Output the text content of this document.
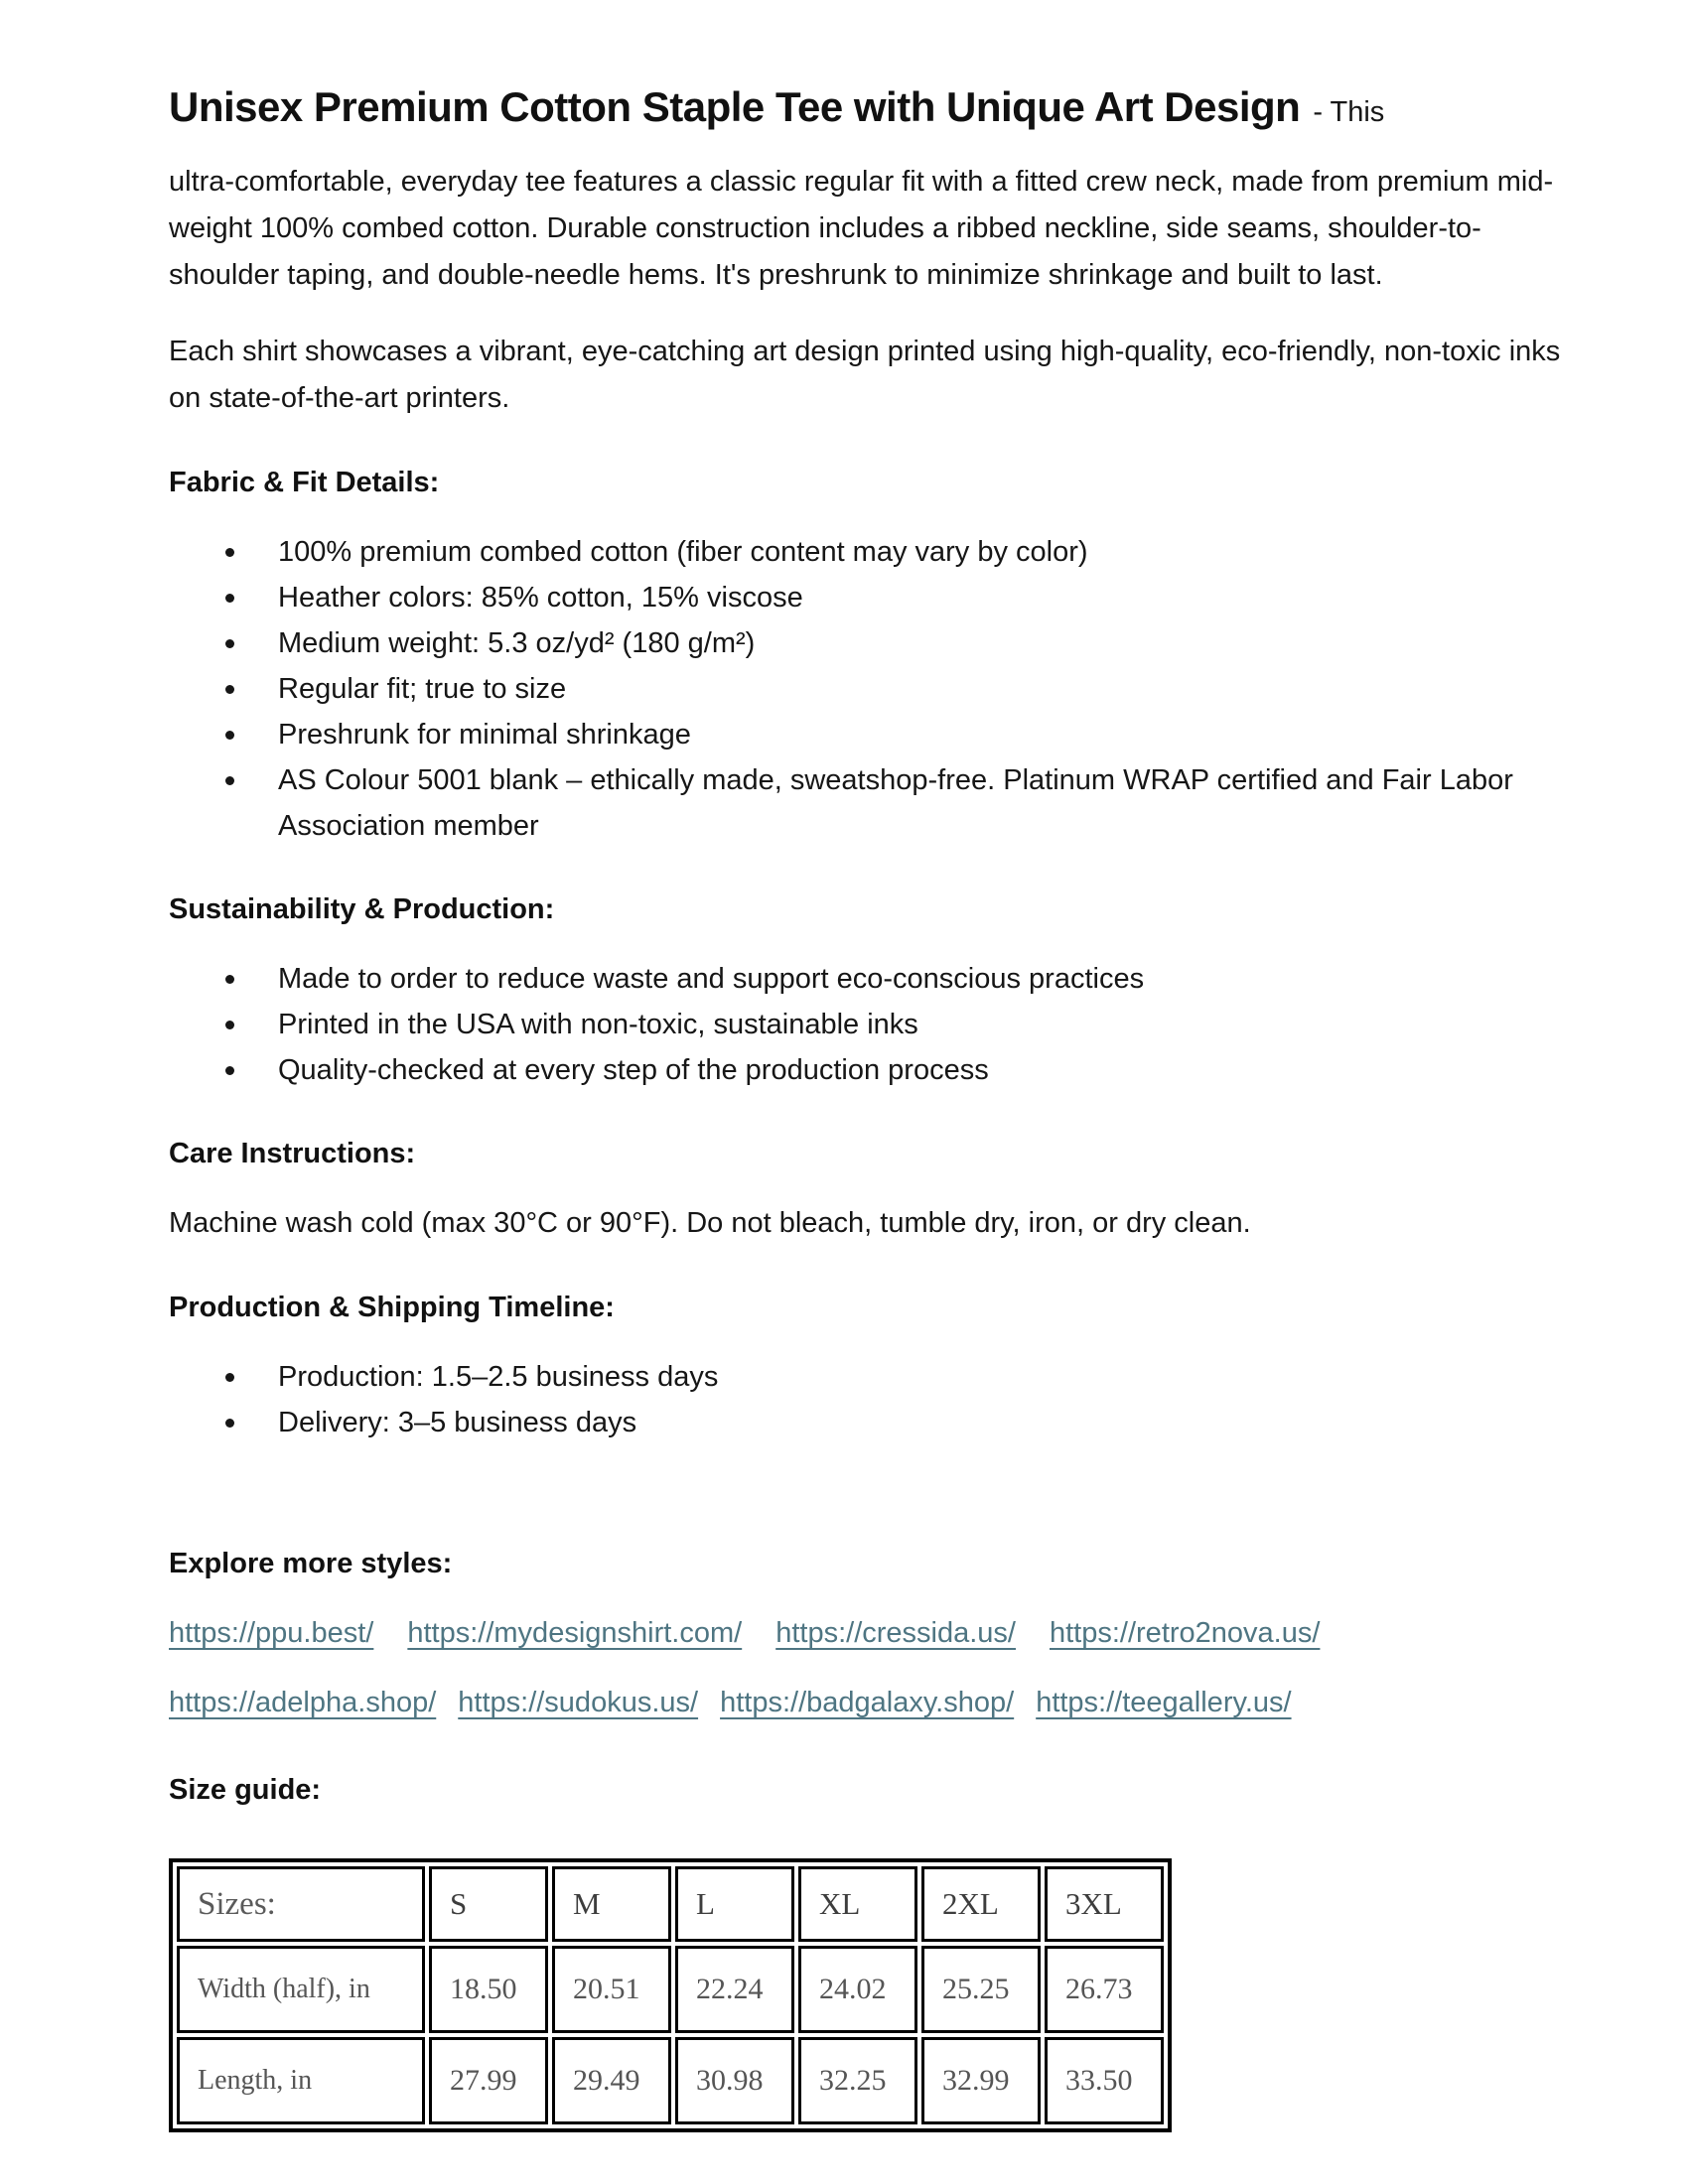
Unisex Premium Cotton Staple Tee with Unique Art Design - This

ultra-comfortable, everyday tee features a classic regular fit with a fitted crew neck, made from premium mid-weight 100% combed cotton. Durable construction includes a ribbed neckline, side seams, shoulder-to-shoulder taping, and double-needle hems. It's preshrunk to minimize shrinkage and built to last.

Each shirt showcases a vibrant, eye-catching art design printed using high-quality, eco-friendly, non-toxic inks on state-of-the-art printers.

Fabric & Fit Details:
100% premium combed cotton (fiber content may vary by color)
Heather colors: 85% cotton, 15% viscose
Medium weight: 5.3 oz/yd² (180 g/m²)
Regular fit; true to size
Preshrunk for minimal shrinkage
AS Colour 5001 blank – ethically made, sweatshop-free. Platinum WRAP certified and Fair Labor Association member
Sustainability & Production:
Made to order to reduce waste and support eco-conscious practices
Printed in the USA with non-toxic, sustainable inks
Quality-checked at every step of the production process
Care Instructions:

Machine wash cold (max 30°C or 90°F). Do not bleach, tumble dry, iron, or dry clean.

Production & Shipping Timeline:
Production: 1.5–2.5 business days
Delivery: 3–5 business days
Explore more styles:

https://ppu.best/ https://mydesignshirt.com/ https://cressida.us/ https://retro2nova.us/

https://adelpha.shop/ https://sudokus.us/ https://badgalaxy.shop/ https://teegallery.us/

Size guide:
Sizes:	S	M	L	XL	2XL	3XL
Width (half), in	18.50	20.51	22.24	24.02	25.25	26.73
Length, in	27.99	29.49	30.98	32.25	32.99	33.50
